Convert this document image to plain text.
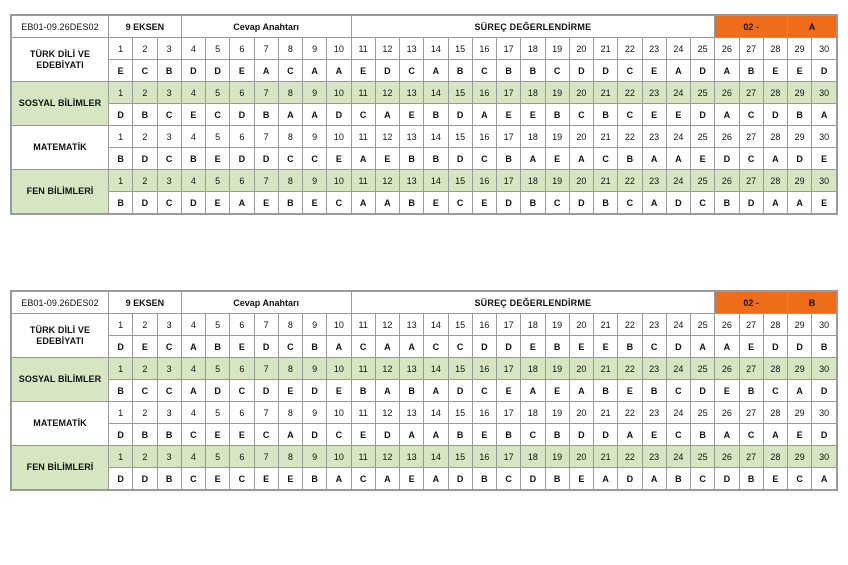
EB01-09.26DES02	9 EKSEN			Cevap Anahtarı							SÜREÇ DEĞERLENDİRME															02 -			A	
TÜRK DİLİ VE EDEBİYATI	1	2	3	4	5	6	7	8	9	10	11	12	13	14	15	16	17	18	19	20	21	22	23	24	25	26	27	28	29	30
	E	C	B	D	D	E	A	C	A	A	E	D	C	A	B	C	B	B	C	D	D	C	E	A	D	A	B	E	E	D
SOSYAL BİLİMLER	1	2	3	4	5	6	7	8	9	10	11	12	13	14	15	16	17	18	19	20	21	22	23	24	25	26	27	28	29	30
	D	B	C	E	C	D	B	A	A	D	C	A	E	B	D	A	E	E	B	C	B	C	E	E	D	A	C	D	B	A
MATEMATİK	1	2	3	4	5	6	7	8	9	10	11	12	13	14	15	16	17	18	19	20	21	22	23	24	25	26	27	28	29	30
	B	D	C	B	E	D	D	C	C	E	A	E	B	B	D	C	B	A	E	A	C	B	A	A	E	D	C	A	D	E
FEN BİLİMLERİ	1	2	3	4	5	6	7	8	9	10	11	12	13	14	15	16	17	18	19	20	21	22	23	24	25	26	27	28	29	30
	B	D	C	D	E	A	E	B	E	C	A	A	B	E	C	E	D	B	C	D	B	C	A	D	C	B	D	A	A	E
EB01-09.26DES02	9 EKSEN			Cevap Anahtarı							SÜREÇ DEĞERLENDİRME															02 -			B	
TÜRK DİLİ VE EDEBİYATI	1	2	3	4	5	6	7	8	9	10	11	12	13	14	15	16	17	18	19	20	21	22	23	24	25	26	27	28	29	30
	D	E	C	A	B	E	D	C	B	A	C	A	A	C	C	D	D	E	B	E	E	B	C	D	A	A	E	D	D	B
SOSYAL BİLİMLER	1	2	3	4	5	6	7	8	9	10	11	12	13	14	15	16	17	18	19	20	21	22	23	24	25	26	27	28	29	30
	B	C	C	A	D	C	D	E	D	E	B	A	B	A	D	C	E	A	E	A	B	E	B	C	D	E	B	C	A	D
MATEMATİK	1	2	3	4	5	6	7	8	9	10	11	12	13	14	15	16	17	18	19	20	21	22	23	24	25	26	27	28	29	30
	D	B	B	C	E	E	C	A	D	C	E	D	A	A	B	E	B	C	B	D	D	A	E	C	B	A	C	A	E	D
FEN BİLİMLERİ	1	2	3	4	5	6	7	8	9	10	11	12	13	14	15	16	17	18	19	20	21	22	23	24	25	26	27	28	29	30
	D	D	B	C	E	C	E	E	B	A	C	A	E	A	D	B	C	D	B	E	A	D	A	B	C	D	B	E	C	A
